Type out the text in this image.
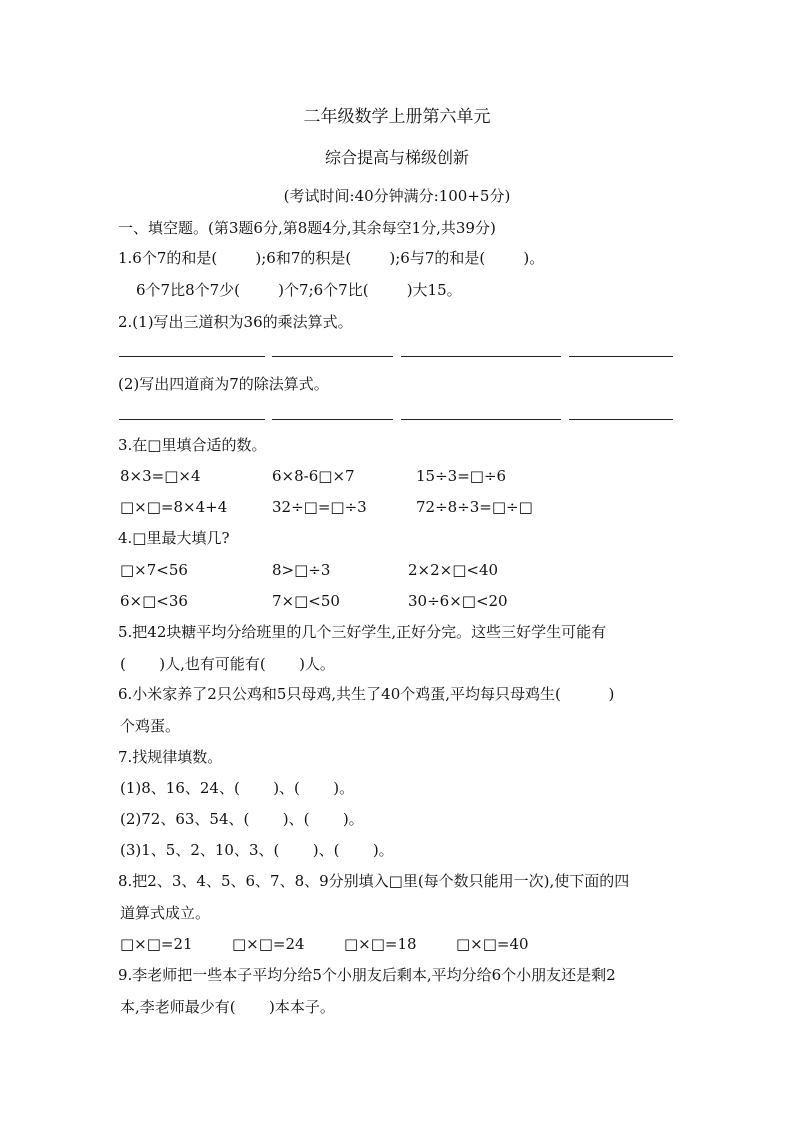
二年级数学上册第六单元
综合提高与梯级创新
(考试时间:40分钟满分:100+5分)
一、填空题。(第3题6分,第8题4分,其余每空1分,共39分)
1.6个7的和是(        );6和7的积是(        );6与7的和是(        )。
6个7比8个7少(        )个7;6个7比(        )大15。
2.(1)写出三道积为36的乘法算式。
(2)写出四道商为7的除法算式。
3.在□里填合适的数。
8×3=□×4	6×8-6□×7	15÷3=□÷6
□×□=8×4+4	32÷□=□÷3	72÷8÷3=□÷□
4.□里最大填几?
□×7<56	8>□÷3	2×2×□<40
6×□<36	7×□<50	30÷6×□<20
5.把42块糖平均分给班里的几个三好学生,正好分完。这些三好学生可能有
(       )人,也有可能有(       )人。
6.小米家养了2只公鸡和5只母鸡,共生了40个鸡蛋,平均每只母鸡生(          )
个鸡蛋。
7.找规律填数。
(1)8、16、24、(       )、(       )。
(2)72、63、54、(       )、(       )。
(3)1、5、2、10、3、(       )、(       )。
8.把2、3、4、5、6、7、8、9分别填入□里(每个数只能用一次),使下面的四
道算式成立。
□×□=21	□×□=24	□×□=18	□×□=40
9.李老师把一些本子平均分给5个小朋友后剩本,平均分给6个小朋友还是剩2
本,李老师最少有(       )本本子。
